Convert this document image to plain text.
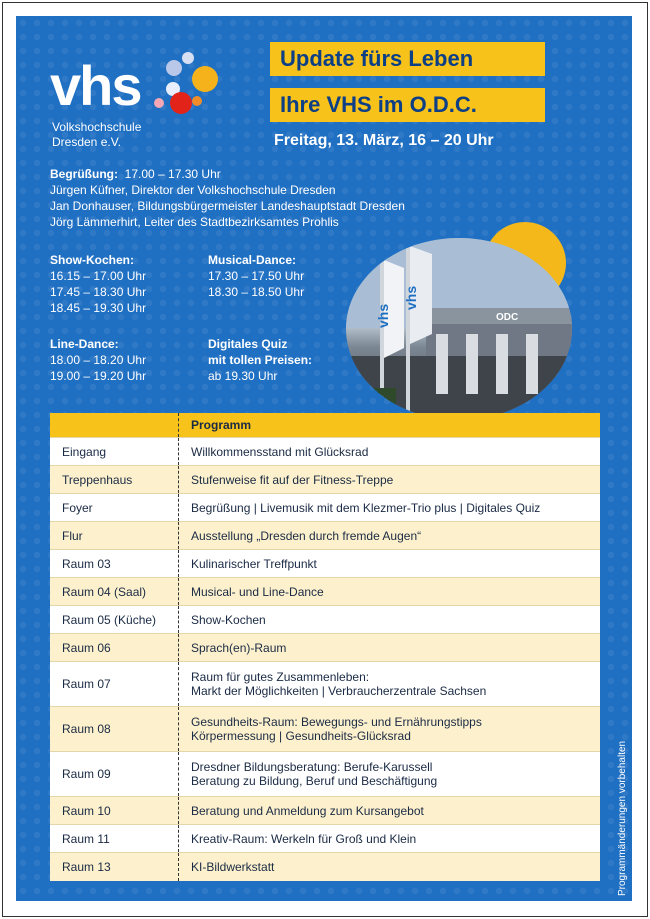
vhs
Volkshochschule
Dresden e.V.
Update fürs Leben
Ihre VHS im O.D.C.
Freitag, 13. März, 16 – 20 Uhr
Begrüßung: 17.00 – 17.30 Uhr
Jürgen Küfner, Direktor der Volkshochschule Dresden
Jan Donhauser, Bildungsbürgermeister Landeshauptstadt Dresden
Jörg Lämmerhirt, Leiter des Stadtbezirksamtes Prohlis
Show-Kochen:
16.15 – 17.00 Uhr
17.45 – 18.30 Uhr
18.45 – 19.30 Uhr
Musical-Dance:
17.30 – 17.50 Uhr
18.30 – 18.50 Uhr
Line-Dance:
18.00 – 18.20 Uhr
19.00 – 19.20 Uhr
Digitales Quiz
mit tollen Preisen:
ab 19.30 Uhr
ODC
vhs
vhs
	Programm
Eingang	Willkommensstand mit Glücksrad

Treppenhaus	Stufenweise fit auf der Fitness-Treppe

Foyer	Begrüßung | Livemusik mit dem Klezmer-Trio plus | Digitales Quiz

Flur	Ausstellung „Dresden durch fremde Augen“

Raum 03	Kulinarischer Treffpunkt

Raum 04 (Saal)	Musical- und Line-Dance

Raum 05 (Küche)	Show-Kochen

Raum 06	Sprach(en)-Raum

Raum 07	Raum für gutes Zusammenleben:
Markt der Möglichkeiten | Verbraucherzentrale Sachsen

Raum 08	Gesundheits-Raum: Bewegungs- und Ernährungstipps
Körpermessung | Gesundheits-Glücksrad

Raum 09	Dresdner Bildungsberatung: Berufe-Karussell
Beratung zu Bildung, Beruf und Beschäftigung

Raum 10	Beratung und Anmeldung zum Kursangebot

Raum 11	Kreativ-Raum: Werkeln für Groß und Klein

Raum 13	KI-Bildwerkstatt	Programmänderungen vorbehalten
